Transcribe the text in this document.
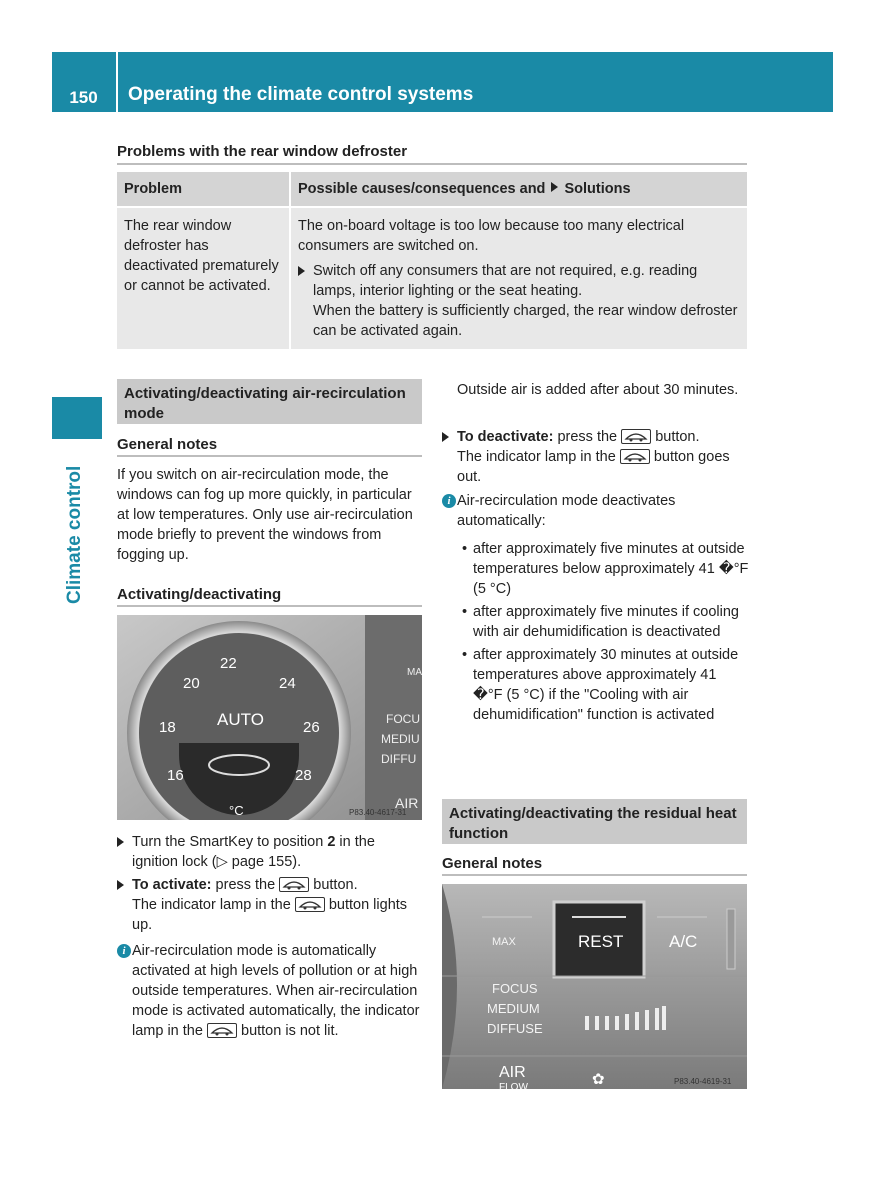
150	Operating the climate control systems
Climate control
Problems with the rear window defroster
Problem	Possible causes/consequences and Solutions
The rear window defroster has deactivated prematurely or cannot be activated.	The on-board voltage is too low because too many electrical consumers are switched on.
Switch off any consumers that are not required, e.g. reading lamps, interior lighting or the seat heating.
When the battery is sufficiently charged, the rear window defroster can be activated again.
Activating/deactivating air-recirculation mode
General notes
If you switch on air-recirculation mode, the windows can fog up more quickly, in particular at low temperatures. Only use air-recirculation mode briefly to prevent the windows from fogging up.
Activating/deactivating
22
20	24
18	26
16	28
AUTO
°C
MA
FOCU
MEDIU
DIFFU
AIR
P83.40-4617-31
Turn the SmartKey to position 2 in the ignition lock (▷ page 155).
To activate: press the	button.
The indicator lamp in the	button lights up.
i Air-recirculation mode is automatically activated at high levels of pollution or at high outside temperatures. When air-recirculation mode is activated automatically, the indicator lamp in the	button is not lit.
Outside air is added after about 30 minutes.
To deactivate: press the	button.
The indicator lamp in the	button goes out.
i Air-recirculation mode deactivates automatically:
• after approximately five minutes at outside temperatures below approximately 41 �°F (5 °C)
• after approximately five minutes if cooling with air dehumidification is deactivated
• after approximately 30 minutes at outside temperatures above approximately 41 �°F (5 °C) if the "Cooling with air dehumidification" function is activated
Activating/deactivating the residual heat function
General notes
MAX	REST	A/C
FOCUS
MEDIUM
DIFFUSE
AIR
FLOW	✿	P83.40-4619-31
